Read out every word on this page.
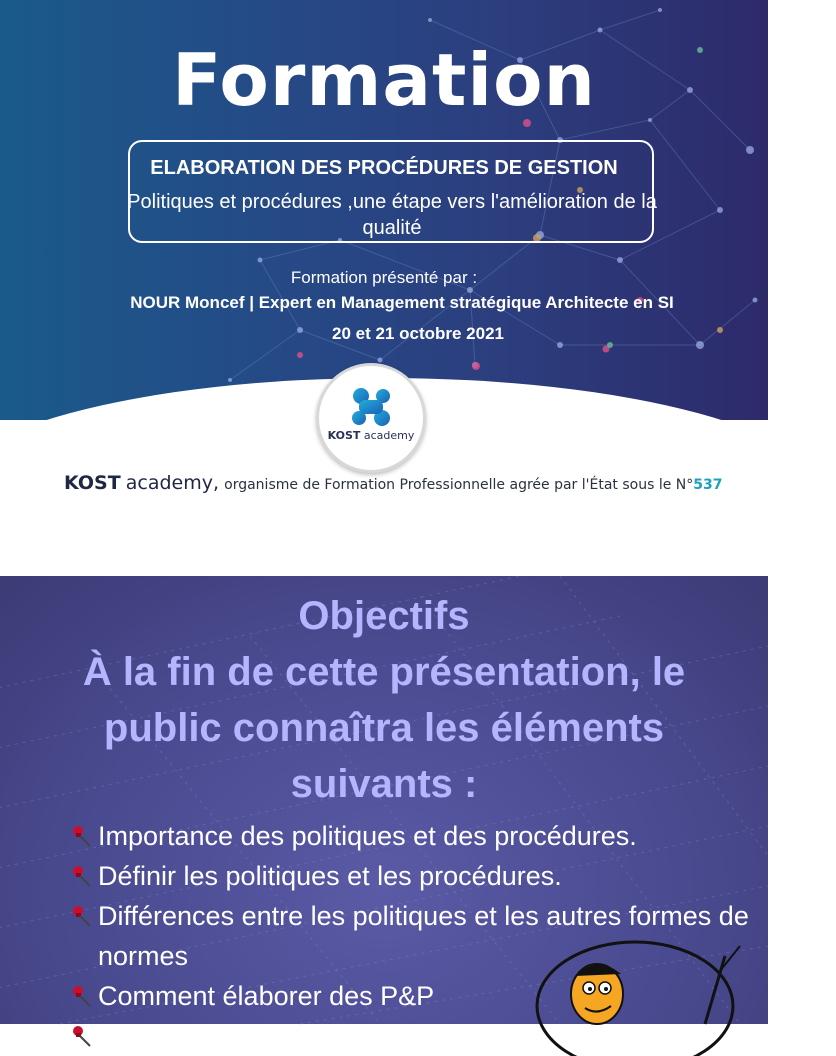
Formation
ELABORATION DES PROCÉDURES DE GESTION
Politiques et procédures ,une étape vers l'amélioration de la qualité
Formation présenté par :
NOUR Moncef | Expert en Management stratégique Architecte en SI
20 et 21 octobre 2021
KOST academy
KOST academy, organisme de Formation Professionnelle agrée par l'État sous le N°537
Objectifs
À la fin de cette présentation, le
public connaîtra les éléments
suivants :
Importance des politiques et des procédures.
Définir les politiques et les procédures.
Différences entre les politiques et les autres formes de normes
Comment élaborer des P&P
Comment communiquer les P&P
